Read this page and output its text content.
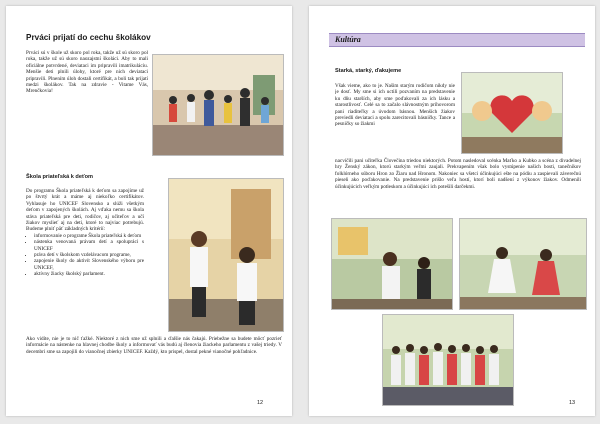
Prváci prijatí do cechu školákov
Prváci sú v škole už skoro pol roka, takže už sú skoro pol roka, takže už sú skoro naozajstní školáci. Aby to mali oficiálne potvrdené, deviataci im pripravili imatrikuláciu. Menšie deti plnili úlohy, ktoré pre nich deviataci pripravili. Plnením úloh dostali certifikát, a boli tak prijatí medzi školákov. Tak na zdravie - Vitame Vás, Mrenčkovia!
Škola priateľská k deťom
Do programu Škola priateľská k deťom sa zapojíme už po štvrtý krát a máme aj niekoľko certifikátov. Vyhlasuje ho UNICEF Slovensko a slúži všetkým deťom v zapojených školách. Aj vďaka nemu sa škola stáva priateľská pre deti, rodičov, aj učiteľov a učí žiakov myslieť aj na deti, ktoré to najviac potrebujú. Budeme plniť päť základných kritérií:
• informovanie o programe Škola priateľská k deťom
• nástenka venovaná právam detí a spolupráci s UNICEF
• práva detí v školskom vzdelávacom programe,
• zapojenie školy do aktivít Slovenského výboru pre UNICEF,
• aktívny žiacky školský parlament.
Ako vidíte, nie je to nič ťažké. Niektoré z nich sme už splnili a ďalšie nás čakajú. Priebežne sa budete môcť pozrieť informácie na nástenke na hlavnej chodbe školy a informovať vás budú aj členovia žiackeho parlamentu z vašej triedy. V decembri sme sa zapojili do vianočnej zbierky UNICEF. Každý, kto prispel, dostal pekné vianočné pohľadnice.
12
Kultúra
Starká, starký, ďakujeme
Však vieme, ako to je. Našim starým rodičom nikdy nie je dosť. My sme si ich uctili pozvaním na predstavenie ku dňu starších, aby sme poďakovali za ich lásku a starostlivosť. Celé sa to začalo slávnostným príhovorom pani riaditeľky a úvodom básnou. Menších žiakov previedli deviataci a spolu zarecitovali básničky. Tance a pesničky so žiakmi
nacvičili pani učiteľka Človečina triedou niektorých. Potom nasledoval scénka Maťko a Kubko a scéna z divadelnej hry Ženský zákon, ktorú starkým veľmi zaujali. Prekvapením však bolo vystúpenie našich bosti, tanečníkov folklórneho súboru Hron zo Žiaru nad Hronom. Nakoniec sa všetci účinkujúci ešte na pódiu a zaspievali záverečnú pieseň ako poďakovanie. Na predstavenie prišlo veľa hostí, ktorí boli nadšení z výkonov žiakov. Odmenili účinkujúcich veľkým potleskom a účinkujúci ich potešili darčekmi.
13
